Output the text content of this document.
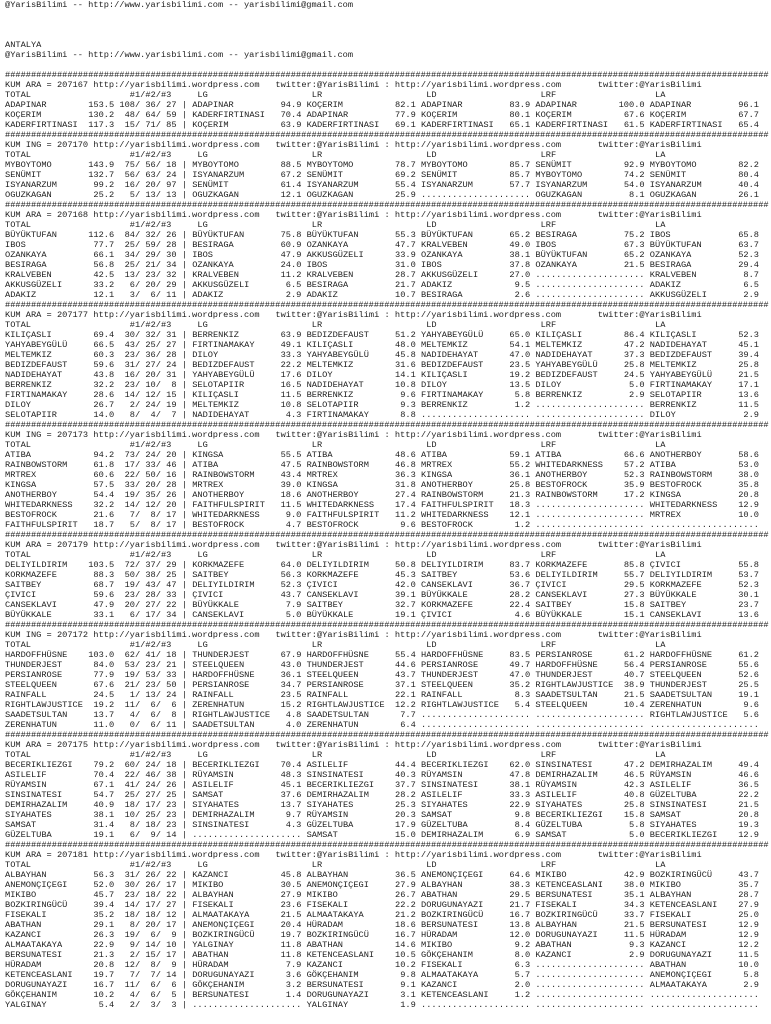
@YarisBilimi -- http://www.yarisbilimi.com -- yarisbilimi@gmail.com
ANTALYA
@YarisBilimi -- http://www.yarisbilimi.com -- yarisbilimi@gmail.com
###################################################################################################################################################
KUM ARA = 207167 http://yarisbilimi.wordpress.com twitter:@YarisBilimi : http://yarisbilimi.wordpress.com	twitter:@YarisBilimi
TOTAL	#1/#2/#3	LG	LR	LD	LRF	LA
ADAPINAR	153.5 108/ 36/ 27 | ADAPINAR	94.9 KOÇERIM	82.1 ADAPINAR	83.9 ADAPINAR	100.0 ADAPINAR	96.1
KOÇERIM	130.2 48/ 64/ 59 | KADERFIRTINASI	70.4 ADAPINAR	77.9 KOÇERIM	80.1 KOÇERIM	67.6 KOÇERIM	67.7
KADERFIRTINASI 117.3 15/ 71/ 85 | KOÇERIM	63.9 KADERFIRTINASI	69.1 KADERFIRTINASI	65.1 KADERFIRTINASI	61.5 KADERFIRTINASI	65.4
###################################################################################################################################################
KUM ING = 207170 http://yarisbilimi.wordpress.com twitter:@YarisBilimi : http://yarisbilimi.wordpress.com	twitter:@YarisBilimi
TOTAL	#1/#2/#3	LG	LR	LD	LRF	LA
MYBOYTOMO	143.9 75/ 56/ 18 | MYBOYTOMO	88.5 MYBOYTOMO	78.7 MYBOYTOMO	85.7 SENÜMIT	92.9 MYBOYTOMO	82.2
SENÜMIT	132.7 56/ 63/ 24 | ISYANARZUM	67.2 SENÜMIT	69.2 SENÜMIT	85.7 MYBOYTOMO	74.2 SENÜMIT	80.4
ISYANARZUM	99.2 16/ 20/ 97 | SENÜMIT	61.4 ISYANARZUM	55.4 ISYANARZUM	57.7 ISYANARZUM	54.0 ISYANARZUM	40.4
OGUZKAGAN	25.2 5/ 13/ 13 | OGUZKAGAN	12.1 OGUZKAGAN	25.9 ..................... OGUZKAGAN	8.1 OGUZKAGAN	26.1
###################################################################################################################################################
KUM ARA = 207168 http://yarisbilimi.wordpress.com twitter:@YarisBilimi : http://yarisbilimi.wordpress.com	twitter:@YarisBilimi
TOTAL	#1/#2/#3	LG	LR	LD	LRF	LA
BÜYÜKTUFAN	112.6 84/ 32/ 26 | BÜYÜKTUFAN	75.8 BÜYÜKTUFAN	55.3 BÜYÜKTUFAN	65.2 BESIRAGA	75.2 IBOS	65.8
IBOS	77.7 25/ 59/ 28 | BESIRAGA	60.9 OZANKAYA	47.7 KRALVEBEN	49.0 IBOS	67.3 BÜYÜKTUFAN	63.7
OZANKAYA	66.1 34/ 29/ 30 | IBOS	47.9 AKKUSGÜZELI	33.9 OZANKAYA	38.1 BÜYÜKTUFAN	65.2 OZANKAYA	52.3
BESIRAGA	56.8 25/ 21/ 34 | OZANKAYA	24.0 IBOS	31.0 IBOS	37.8 OZANKAYA	21.5 BESIRAGA	29.4
KRALVEBEN	42.5 13/ 23/ 32 | KRALVEBEN	11.2 KRALVEBEN	28.7 AKKUSGÜZELI	27.0 ..................... KRALVEBEN	8.7
AKKUSGÜZELI	33.2 6/ 20/ 29 | AKKUSGÜZELI	6.5 BESIRAGA	21.7 ADAKIZ	9.5 ..................... ADAKIZ	6.5
ADAKIZ	12.1 3/  6/ 11 | ADAKIZ	2.9 ADAKIZ	10.7 BESIRAGA	2.6 ..................... AKKUSGÜZELI	2.9
###################################################################################################################################################
KUM ARA = 207177 http://yarisbilimi.wordpress.com twitter:@YarisBilimi : http://yarisbilimi.wordpress.com	twitter:@YarisBilimi
TOTAL	#1/#2/#3	LG	LR	LD	LRF	LA
KILIÇASLI	69.4 30/ 32/ 31 | BERRENKIZ	63.9 BEDIZDEFAUST	51.2 YAHYABEYGÜLÜ	65.0 KILIÇASLI	86.4 KILIÇASLI	52.3
YAHYABEYGÜLÜ	66.5 43/ 25/ 27 | FIRTINAMAKAY	49.1 KILIÇASLI	48.0 MELTEMKIZ	54.1 MELTEMKIZ	47.2 NADIDEHAYAT	45.1
MELTEMKIZ	60.3 23/ 36/ 28 | DILOY	33.3 YAHYABEYGÜLÜ	45.8 NADIDEHAYAT	47.0 NADIDEHAYAT	37.3 BEDIZDEFAUST	39.4
BEDIZDEFAUST	59.6 31/ 27/ 24 | BEDIZDEFAUST	22.2 MELTEMKIZ	31.6 BEDIZDEFAUST	23.5 YAHYABEYGÜLÜ	25.8 MELTEMKIZ	25.8
NADIDEHAYAT	43.8 16/ 20/ 31 | YAHYABEYGÜLÜ	17.6 DILOY	14.1 KILIÇASLI	19.2 BEDIZDEFAUST	24.5 YAHYABEYGÜLÜ	21.5
BERRENKIZ	32.2 23/ 10/  8 | SELOTAPIIR	16.5 NADIDEHAYAT	10.8 DILOY	13.5 DILOY	5.0 FIRTINAMAKAY	17.1
FIRTINAMAKAY	28.6 14/ 12/ 15 | KILIÇASLI	11.5 BERRENKIZ	9.6 FIRTINAMAKAY	5.8 BERRENKIZ	2.9 SELOTAPIIR	13.6
DILOY	26.7 2/ 24/ 19 | MELTEMKIZ	10.8 SELOTAPIIR	9.3 BERRENKIZ	1.2 ..................... BERRENKIZ	11.5
SELOTAPIIR	14.0 8/  4/  7 | NADIDEHAYAT	4.3 FIRTINAMAKAY	8.8 ..................... ..................... DILOY	2.9
###################################################################################################################################################
KUM ING = 207173 http://yarisbilimi.wordpress.com twitter:@YarisBilimi : http://yarisbilimi.wordpress.com	twitter:@YarisBilimi
TOTAL	#1/#2/#3	LG	LR	LD	LRF	LA
ATIBA	94.2 73/ 24/ 20 | KINGSA	55.5 ATIBA	48.6 ATIBA	59.1 ATIBA	66.6 ANOTHERBOY	58.6
RAINBOWSTORM	61.8 17/ 33/ 46 | ATIBA	47.5 RAINBOWSTORM	46.8 MRTREX	55.2 WHITEDARKNESS	57.2 ATIBA	53.0
MRTREX	60.6 22/ 50/ 16 | RAINBOWSTORM	43.4 MRTREX	36.3 KINGSA	36.1 ANOTHERBOY	52.3 RAINBOWSTORM	38.0
KINGSA	57.5 33/ 20/ 28 | MRTREX	39.0 KINGSA	31.8 ANOTHERBOY	25.8 BESTOFROCK	35.9 BESTOFROCK	35.8
ANOTHERBOY	54.4 19/ 35/ 26 | ANOTHERBOY	18.6 ANOTHERBOY	27.4 RAINBOWSTORM	21.3 RAINBOWSTORM	17.2 KINGSA	20.8
WHITEDARKNESS	32.2 14/ 12/ 20 | FAITHFULSPIRIT	11.5 WHITEDARKNESS	17.4 FAITHFULSPIRIT	18.3 ..................... WHITEDARKNESS	12.9
BESTOFROCK	21.6 7/  8/ 17 | WHITEDARKNESS	9.0 FAITHFULSPIRIT	11.2 WHITEDARKNESS	12.1 ..................... MRTREX	10.0
FAITHFULSPIRIT	18.7 5/  8/ 17 | BESTOFROCK	4.7 BESTOFROCK	9.6 BESTOFROCK	1.2 ..................... .....................
###################################################################################################################################################
KUM ARA = 207179 http://yarisbilimi.wordpress.com twitter:@YarisBilimi : http://yarisbilimi.wordpress.com	twitter:@YarisBilimi
TOTAL	#1/#2/#3	LG	LR	LD	LRF	LA
DELIYILDIRIM 103.5 72/ 37/ 29 | KORKMAZEFE	64.0 DELIYILDIRIM	50.8 DELIYILDIRIM	83.7 KORKMAZEFE	85.8 ÇIVICI	55.8
KORKMAZEFE	88.3 50/ 38/ 25 | SAITBEY	56.3 KORKMAZEFE	45.3 SAITBEY	53.6 DELIYILDIRIM	55.7 DELIYILDIRIM	53.7
SAITBEY	68.7 19/ 43/ 47 | DELIYILDIRIM	52.3 ÇIVICI	42.0 CANSEKLAVI	36.7 ÇIVICI	29.5 KORKMAZEFE	52.3
ÇIVICI	59.6 23/ 28/ 33 | ÇIVICI	43.7 CANSEKLAVI	39.1 BÜYÜKKALE	28.2 CANSEKLAVI	27.3 BÜYÜKKALE	30.1
CANSEKLAVI	47.9 20/ 27/ 22 | BÜYÜKKALE	7.9 SAITBEY	32.7 KORKMAZEFE	22.4 SAITBEY	15.8 SAITBEY	23.7
BÜYÜKKALE	33.1 6/ 17/ 34 | CANSEKLAVI	5.0 BÜYÜKKALE	19.1 ÇIVICI	4.6 BÜYÜKKALE	15.1 CANSEKLAVI	13.6
###################################################################################################################################################
KUM ING = 207172 http://yarisbilimi.wordpress.com twitter:@YarisBilimi : http://yarisbilimi.wordpress.com	twitter:@YarisBilimi
TOTAL	#1/#2/#3	LG	LR	LD	LRF	LA
HARDOFFHÜSNE 103.0 62/ 41/ 18 | THUNDERJEST	67.9 HARDOFFHÜSNE	55.4 HARDOFFHÜSNE	83.5 PERSIANROSE	61.2 HARDOFFHÜSNE	61.2
THUNDERJEST	84.0 53/ 23/ 21 | STEELQUEEN	43.0 THUNDERJEST	44.6 PERSIANROSE	49.7 HARDOFFHÜSNE	56.4 PERSIANROSE	55.6
PERSIANROSE	77.9 19/ 53/ 33 | HARDOFFHÜSNE	36.1 STEELQUEEN	43.7 THUNDERJEST	47.0 THUNDERJEST	40.7 STEELQUEEN	52.6
STEELQUEEN	67.6 21/ 23/ 50 | PERSIANROSE	34.7 PERSIANROSE	37.1 STEELQUEEN	35.2 RIGHTLAWJUSTICE	38.9 THUNDERJEST	25.5
RAINFALL	24.5 1/ 13/ 24 | RAINFALL	23.5 RAINFALL	22.1 RAINFALL	8.3 SAADETSULTAN	21.5 SAADETSULTAN	19.1
RIGHTLAWJUSTICE	19.2 11/  6/  6 | ZERENHATUN	15.2 RIGHTLAWJUSTICE	12.2 RIGHTLAWJUSTICE	5.4 STEELQUEEN	10.4 ZERENHATUN	9.6
SAADETSULTAN	13.7 4/  6/  8 | RIGHTLAWJUSTICE	4.8 SAADETSULTAN	7.7 ..................... ..................... RIGHTLAWJUSTICE	5.6
ZERENHATUN	11.0 0/  6/ 11 | SAADETSULTAN	4.0 ZERENHATUN	6.4 ..................... ..................... .....................
###################################################################################################################################################
KUM ARA = 207175 http://yarisbilimi.wordpress.com twitter:@YarisBilimi : http://yarisbilimi.wordpress.com	twitter:@YarisBilimi
TOTAL	#1/#2/#3	LG	LR	LD	LRF	LA
BECERIKLIEZGI	79.2 60/ 24/ 18 | BECERIKLIEZGI	70.4 ASILELIF	44.4 BECERIKLIEZGI	62.0 SINSINATESI	47.2 DEMIRHAZALIM	49.4
ASILELIF	70.4 22/ 46/ 38 | RÜYAMSIN	48.3 SINSINATESI	40.3 RÜYAMSIN	47.8 DEMIRHAZALIM	46.5 RÜYAMSIN	46.6
RÜYAMSIN	67.1 41/ 24/ 26 | ASILELIF	45.1 BECERIKLIEZGI	37.7 SINSINATESI	38.1 RÜYAMSIN	42.3 ASILELIF	36.5
SINSINATESI	54.7 25/ 27/ 25 | SAMSAT	37.6 DEMIRHAZALIM	28.2 ASILELIF	33.3 ASILELIF	40.8 GÜZELTUBA	22.2
DEMIRHAZALIM	40.9 18/ 17/ 23 | SIYAHATES	13.7 SIYAHATES	25.3 SIYAHATES	22.9 SIYAHATES	25.8 SINSINATESI	21.5
SIYAHATES	38.1 10/ 25/ 23 | DEMIRHAZALIM	9.7 RÜYAMSIN	20.3 SAMSAT	9.8 BECERIKLIEZGI	15.8 SAMSAT	20.8
SAMSAT	31.4 8/ 18/ 23 | SINSINATESI	4.3 GÜZELTUBA	17.9 GÜZELTUBA	8.4 GÜZELTUBA	5.8 SIYAHATES	19.3
GÜZELTUBA	19.1 6/  9/ 14 | ..................... SAMSAT	15.0 DEMIRHAZALIM	6.9 SAMSAT	5.0 BECERIKLIEZGI	12.9
###################################################################################################################################################
KUM ARA = 207181 http://yarisbilimi.wordpress.com twitter:@YarisBilimi : http://yarisbilimi.wordpress.com	twitter:@YarisBilimi
TOTAL	#1/#2/#3	LG	LR	LD	LRF	LA
ALBAYHAN	56.3 31/ 26/ 22 | KAZANCI	45.8 ALBAYHAN	36.5 ANEMONÇIÇEGI	64.6 MIKIBO	42.9 BOZKIRINGÜCÜ	43.7
ANEMONÇIÇEGI	52.0 30/ 26/ 17 | MIKIBO	30.5 ANEMONÇIÇEGI	27.9 ALBAYHAN	38.3 KETENCEASLANI	38.0 MIKIBO	35.7
MIKIBO	45.7 23/ 18/ 22 | ALBAYHAN	27.9 MIKIBO	26.7 ABATHAN	29.5 BERSUNATESI	35.1 ALBAYHAN	28.7
BOZKIRINGÜCÜ	39.4 14/ 17/ 27 | FISEKALI	23.6 FISEKALI	22.2 DORUGUNAYAZI	21.7 FISEKALI	34.3 KETENCEASLANI	27.9
FISEKALI	35.2 18/ 18/ 12 | ALMAATAKAYA	21.5 ALMAATAKAYA	21.2 BOZKIRINGÜCÜ	16.7 BOZKIRINGÜCÜ	33.7 FISEKALI	25.0
ABATHAN	29.1 8/ 20/ 17 | ANEMONÇIÇEGI	20.4 HÜRADAM	18.6 BERSUNATESI	13.8 ALBAYHAN	21.5 BERSUNATESI	12.9
KAZANCI	26.3 19/  6/  9 | BOZKIRINGÜCÜ	19.7 BOZKIRINGÜCÜ	16.7 HÜRADAM	12.0 DORUGUNAYAZI	11.5 HÜRADAM	12.9
ALMAATAKAYA	22.9 9/ 14/ 10 | YALGINAY	11.8 ABATHAN	14.6 MIKIBO	9.2 ABATHAN	9.3 KAZANCI	12.2
BERSUNATESI	21.3 2/ 15/ 17 | ABATHAN	11.8 KETENCEASLANI	10.5 GÖKÇEHANIM	8.0 KAZANCI	2.9 DORUGUNAYAZI	11.5
HÜRADAM	20.8 12/  8/  9 | HÜRADAM	7.9 KAZANCI	10.2 FISEKALI	6.3 ..................... ABATHAN	10.0
KETENCEASLANI	19.7 7/  7/ 14 | DORUGUNAYAZI	3.6 GÖKÇEHANIM	9.8 ALMAATAKAYA	5.7 ..................... ANEMONÇIÇEGI	5.8
DORUGUNAYAZI	16.7 11/  6/  6 | GÖKÇEHANIM	3.2 BERSUNATESI	9.1 KAZANCI	2.0 ..................... ALMAATAKAYA	2.9
GÖKÇEHANIM	10.2 4/  6/  5 | BERSUNATESI	1.4 DORUGUNAYAZI	3.1 KETENCEASLANI	1.2 ..................... .....................
YALGINAY	5.4 2/  3/  3 | ..................... YALGINAY	1.9 ..................... ..................... .....................
